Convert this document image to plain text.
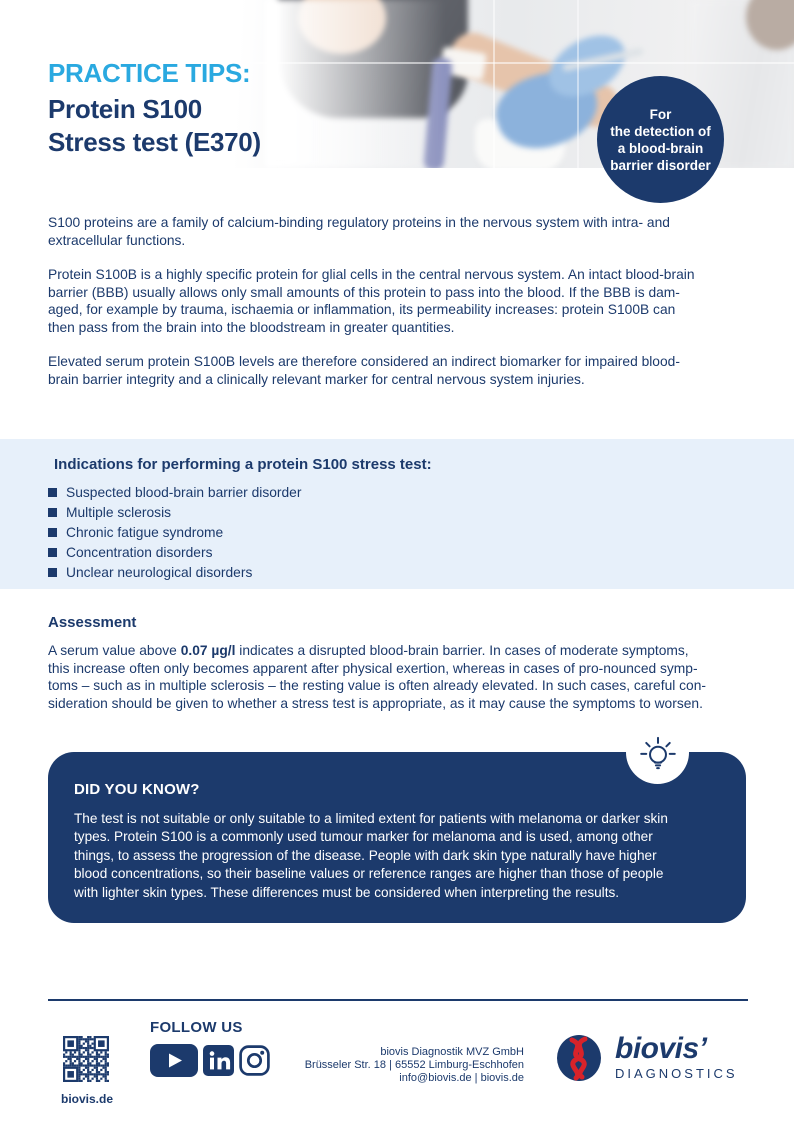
For
the detection of
a blood-brain
barrier disorder
PRACTICE TIPS:
Protein S100
Stress test (E370)
S100 proteins are a family of calcium-binding regulatory proteins in the nervous system with intra- and
extracellular functions.
Protein S100B is a highly specific protein for glial cells in the central nervous system. An intact blood-brain
barrier (BBB) usually allows only small amounts of this protein to pass into the blood. If the BBB is dam-
aged, for example by trauma, ischaemia or inflammation, its permeability increases: protein S100B can
then pass from the brain into the bloodstream in greater quantities.
Elevated serum protein S100B levels are therefore considered an indirect biomarker for impaired blood-
brain barrier integrity and a clinically relevant marker for central nervous system injuries.
Indications for performing a protein S100 stress test:
Suspected blood-brain barrier disorder
Multiple sclerosis
Chronic fatigue syndrome
Concentration disorders
Unclear neurological disorders
Assessment
A serum value above 0.07 µg/l indicates a disrupted blood-brain barrier. In cases of moderate symptoms,
this increase often only becomes apparent after physical exertion, whereas in cases of pro-nounced symp-
toms – such as in multiple sclerosis – the resting value is often already elevated. In such cases, careful con-
sideration should be given to whether a stress test is appropriate, as it may cause the symptoms to worsen.
DID YOU KNOW?
The test is not suitable or only suitable to a limited extent for patients with melanoma or darker skin
types. Protein S100 is a commonly used tumour marker for melanoma and is used, among other
things, to assess the progression of the disease. People with dark skin type naturally have higher
blood concentrations, so their baseline values or reference ranges are higher than those of people
with lighter skin types. These differences must be considered when interpreting the results.
biovis.de
FOLLOW US
biovis Diagnostik MVZ GmbH
Brüsseler Str. 18 | 65552 Limburg-Eschhofen
info@biovis.de | biovis.de
biovis’
DIAGNOSTICS
